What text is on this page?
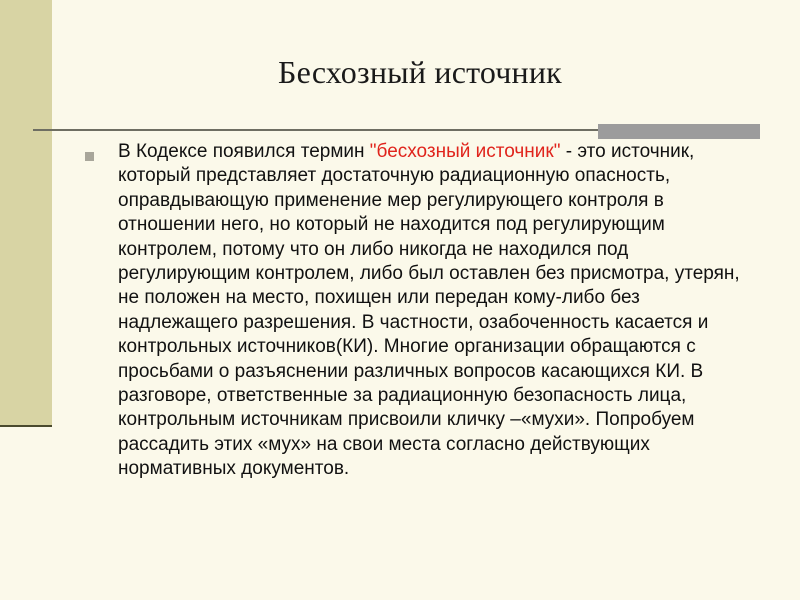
Бесхозный источник

В Кодексе появился термин "бесхозный источник" - это источник, который представляет достаточную радиационную опасность, оправдывающую применение мер регулирующего контроля в отношении него, но который не находится под регулирующим контролем, потому что он либо никогда не находился под регулирующим контролем, либо был оставлен без присмотра, утерян, не положен на место, похищен или передан кому-либо без надлежащего разрешения. В частности, озабоченность касается и контрольных источников(КИ). Многие организации обращаются с просьбами о разъяснении различных вопросов касающихся КИ. В разговоре, ответственные за радиационную безопасность лица, контрольным источникам присвоили кличку –«мухи». Попробуем рассадить этих «мух» на свои места согласно действующих нормативных документов.
